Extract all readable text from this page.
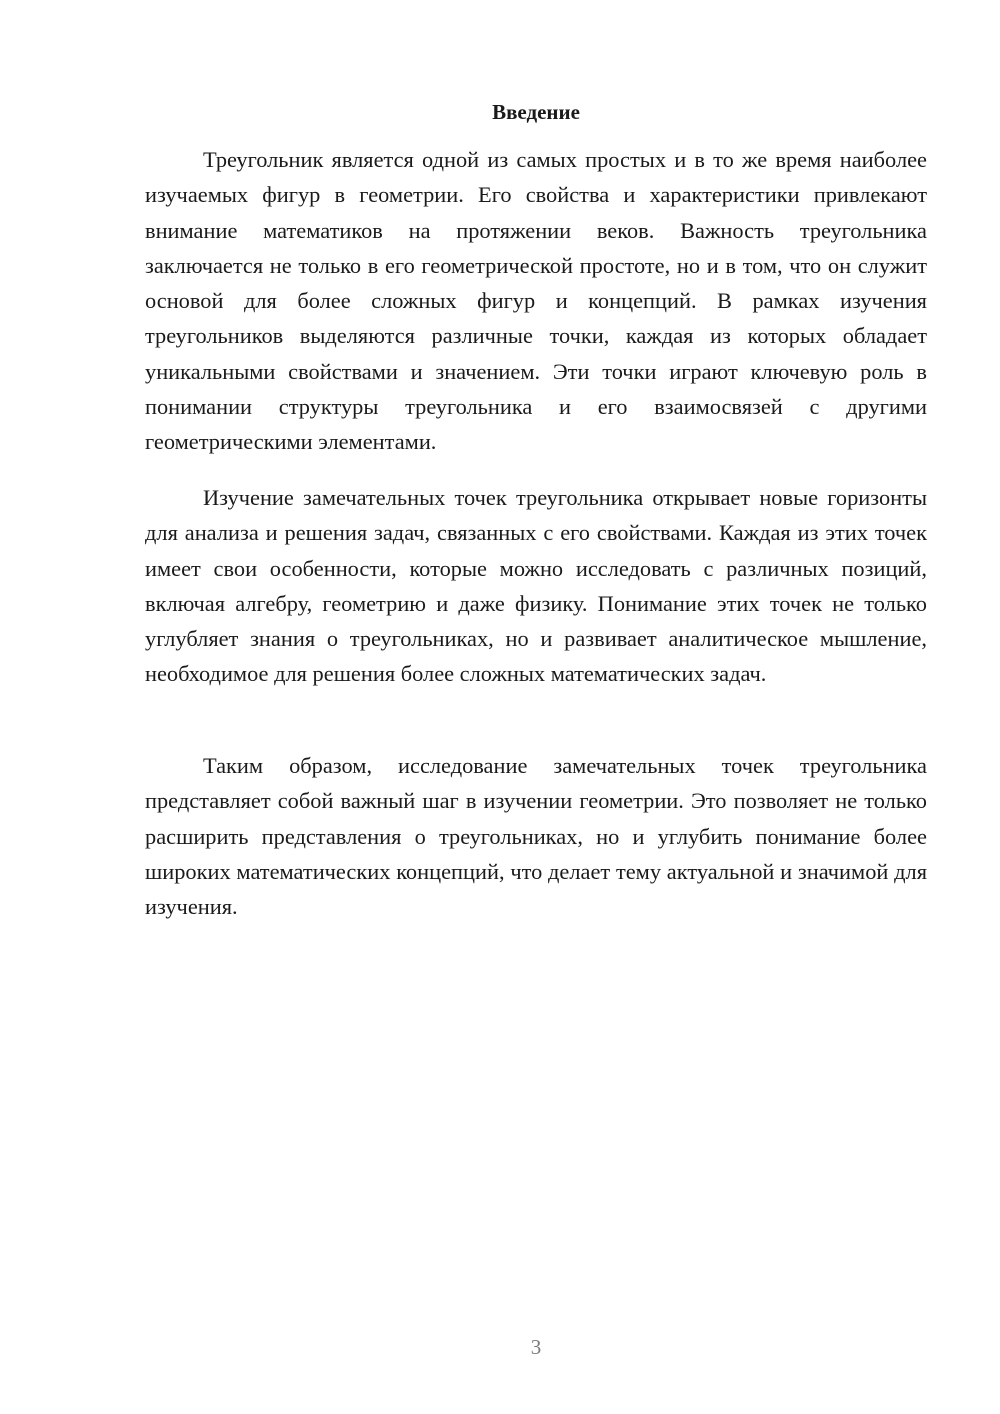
Введение

Треугольник является одной из самых простых и в то же время наиболее изучаемых фигур в геометрии. Его свойства и характеристики привлекают внимание математиков на протяжении веков. Важность треугольника заключается не только в его геометрической простоте, но и в том, что он служит основой для более сложных фигур и концепций. В рамках изучения треугольников выделяются различные точки, каждая из которых обладает уникальными свойствами и значением. Эти точки играют ключевую роль в понимании структуры треугольника и его взаимосвязей с другими геометрическими элементами.

Изучение замечательных точек треугольника открывает новые горизонты для анализа и решения задач, связанных с его свойствами. Каждая из этих точек имеет свои особенности, которые можно исследовать с различных позиций, включая алгебру, геометрию и даже физику. Понимание этих точек не только углубляет знания о треугольниках, но и развивает аналитическое мышление, необходимое для решения более сложных математических задач.

Таким образом, исследование замечательных точек треугольника представляет собой важный шаг в изучении геометрии. Это позволяет не только расширить представления о треугольниках, но и углубить понимание более широких математических концепций, что делает тему актуальной и значимой для изучения.

3
